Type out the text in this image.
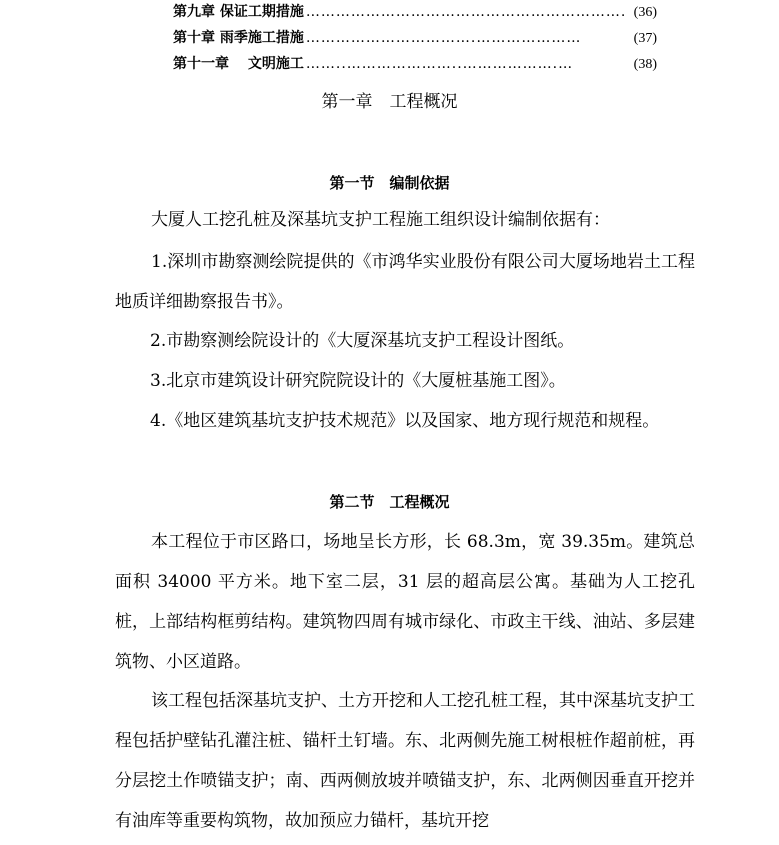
第九章 保证工期措施 ………………………………………………………. (36)
第十章 雨季施工措施 …………………………….…………………	(37)
第十一章　 文明施工 ……..…………………..……………….…	(38)
第一章　工程概况
第一节　编制依据
大厦人工挖孔桩及深基坑支护工程施工组织设计编制依据有：
1.深圳市勘察测绘院提供的《市鸿华实业股份有限公司大厦场地岩土工程地质详细勘察报告书》。
2.市勘察测绘院设计的《大厦深基坑支护工程设计图纸。
3.北京市建筑设计研究院院设计的《大厦桩基施工图》。
4.《地区建筑基坑支护技术规范》以及国家、地方现行规范和规程。
第二节　工程概况
本工程位于市区路口，场地呈长方形，长 68.3m，宽 39.35m。建筑总面积 34000 平方米。地下室二层，31 层的超高层公寓。基础为人工挖孔桩，上部结构框剪结构。建筑物四周有城市绿化、市政主干线、油站、多层建筑物、小区道路。
该工程包括深基坑支护、土方开挖和人工挖孔桩工程，其中深基坑支护工程包括护壁钻孔灌注桩、锚杆土钉墙。东、北两侧先施工树根桩作超前桩，再分层挖土作喷锚支护；南、西两侧放坡并喷锚支护，东、北两侧因垂直开挖并有油库等重要构筑物，故加预应力锚杆，基坑开挖
